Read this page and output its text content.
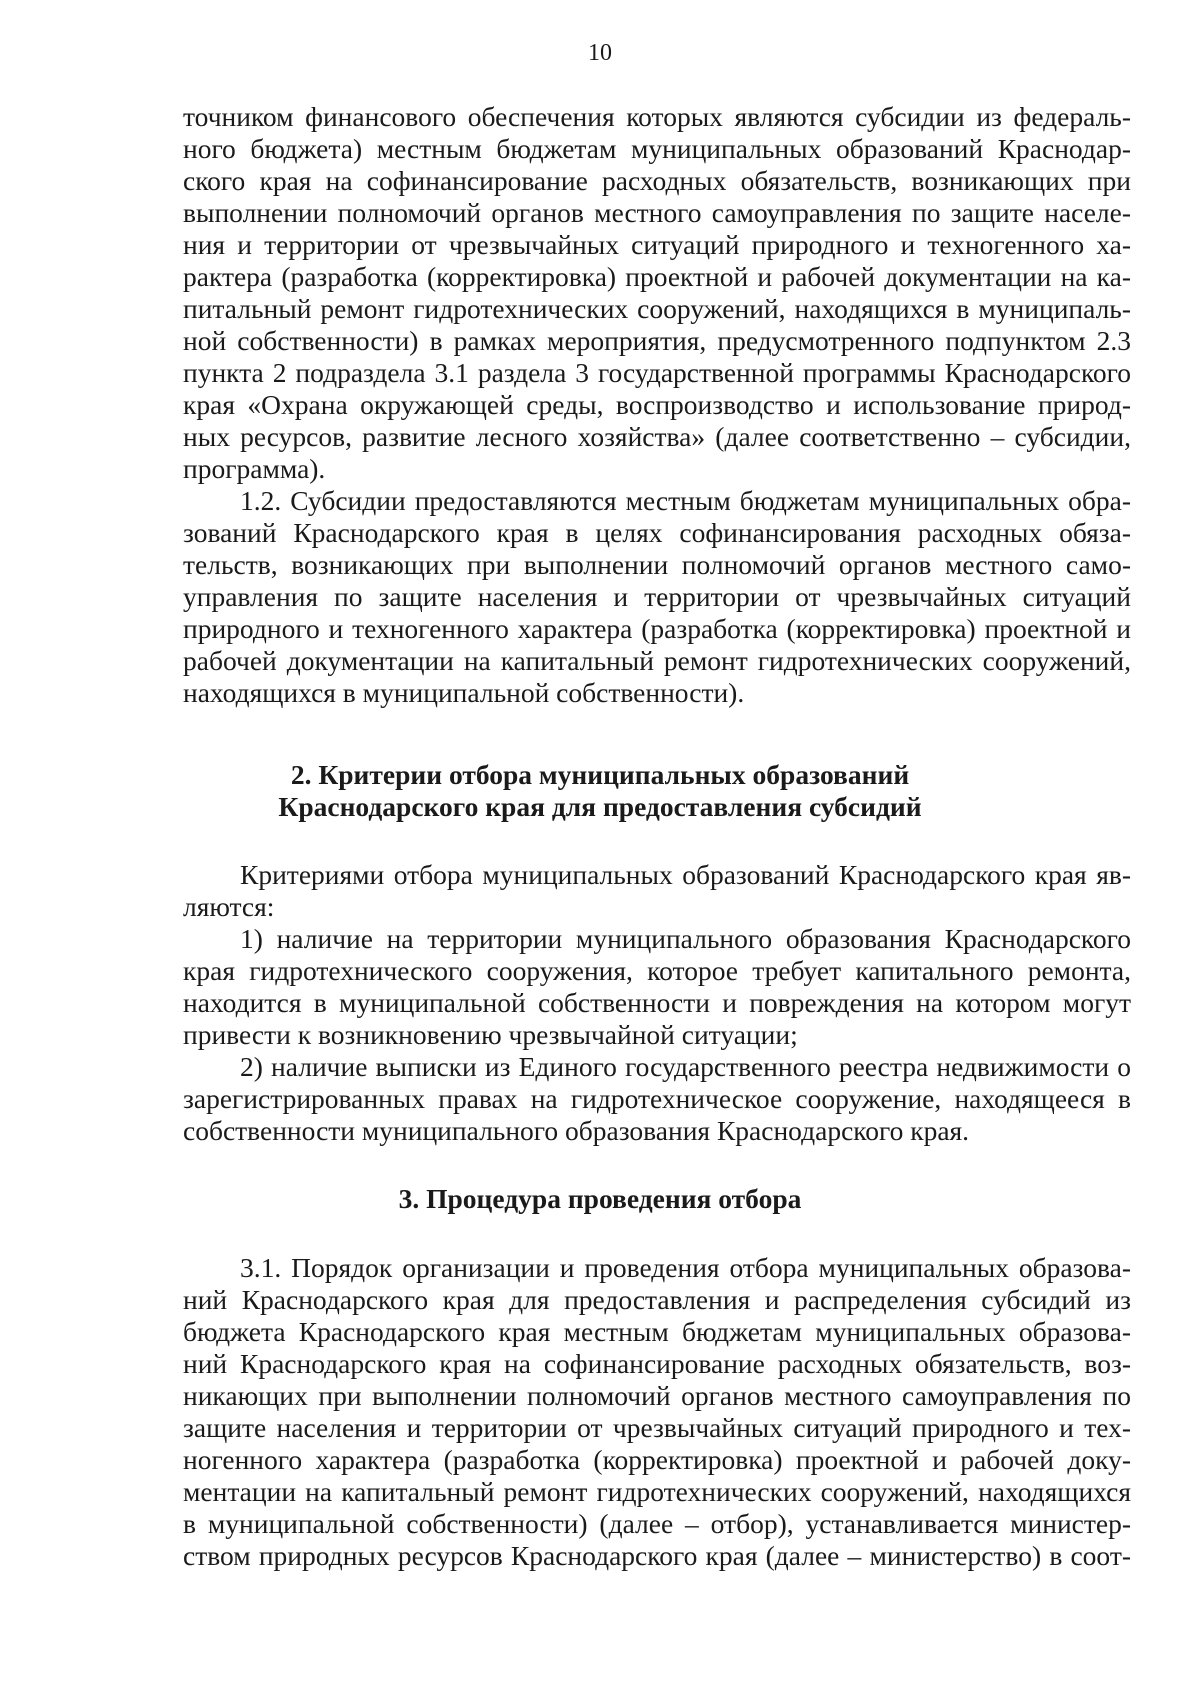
10
точником финансового обеспечения которых являются субсидии из федераль-
ного бюджета) местным бюджетам муниципальных образований Краснодар-
ского края на софинансирование расходных обязательств, возникающих при
выполнении полномочий органов местного самоуправления по защите населе-
ния и территории от чрезвычайных ситуаций природного и техногенного ха-
рактера (разработка (корректировка) проектной и рабочей документации на ка-
питальный ремонт гидротехнических сооружений, находящихся в муниципаль-
ной собственности) в рамках мероприятия, предусмотренного подпунктом 2.3
пункта 2 подраздела 3.1 раздела 3 государственной программы Краснодарского
края «Охрана окружающей среды, воспроизводство и использование природ-
ных ресурсов, развитие лесного хозяйства» (далее соответственно – субсидии,
программа).
1.2. Субсидии предоставляются местным бюджетам муниципальных обра-
зований Краснодарского края в целях софинансирования расходных обяза-
тельств, возникающих при выполнении полномочий органов местного само-
управления по защите населения и территории от чрезвычайных ситуаций
природного и техногенного характера (разработка (корректировка) проектной и
рабочей документации на капитальный ремонт гидротехнических сооружений,
находящихся в муниципальной собственности).
2. Критерии отбора муниципальных образований
Краснодарского края для предоставления субсидий
Критериями отбора муниципальных образований Краснодарского края яв-
ляются:
1) наличие на территории муниципального образования Краснодарского
края гидротехнического сооружения, которое требует капитального ремонта,
находится в муниципальной собственности и повреждения на котором могут
привести к возникновению чрезвычайной ситуации;
2) наличие выписки из Единого государственного реестра недвижимости о
зарегистрированных правах на гидротехническое сооружение, находящееся в
собственности муниципального образования Краснодарского края.
3. Процедура проведения отбора
3.1. Порядок организации и проведения отбора муниципальных образова-
ний Краснодарского края для предоставления и распределения субсидий из
бюджета Краснодарского края местным бюджетам муниципальных образова-
ний Краснодарского края на софинансирование расходных обязательств, воз-
никающих при выполнении полномочий органов местного самоуправления по
защите населения и территории от чрезвычайных ситуаций природного и тех-
ногенного характера (разработка (корректировка) проектной и рабочей доку-
ментации на капитальный ремонт гидротехнических сооружений, находящихся
в муниципальной собственности) (далее – отбор), устанавливается министер-
ством природных ресурсов Краснодарского края (далее – министерство) в соот-
